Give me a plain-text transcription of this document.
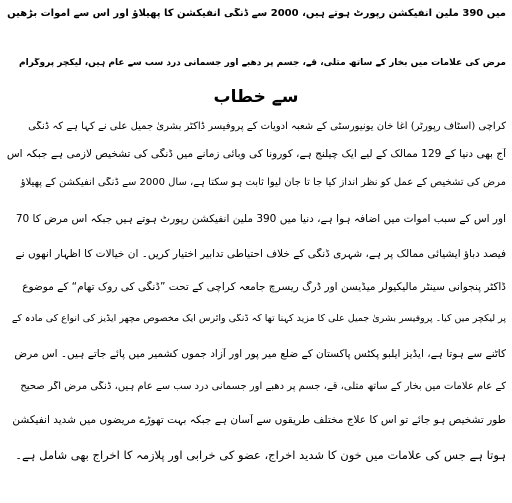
میں 390 ملین انفیکشن رپورٹ ہوتے ہیں، 2000 سے ڈنگی انفیکشن کا پھیلاؤ اور اس سے اموات بڑھیں
مرض کی علامات میں بخار کے ساتھ متلی، قے، جسم پر دھبے اور جسمانی درد سب سے عام ہیں، لیکچر پروگرام
سے خطاب
کراچی (اسٹاف رپورٹر) آغا خان یونیورسٹی کے شعبہ ادویات کے پروفیسر ڈاکٹر بشریٰ جمیل علی نے کہا ہے کہ ڈنگی
آج بھی دنیا کے 129 ممالک کے لیے ایک چیلنج ہے، کورونا کی وبائی زمانے میں ڈنگی کی تشخیص لازمی ہے جبکہ اس
مرض کی تشخیص کے عمل کو نظر انداز کیا جا تا جان لیوا ثابت ہو سکتا ہے، سال 2000 سے ڈنگی انفیکشن کے پھیلاؤ
اور اس کے سبب اموات میں اضافہ ہوا ہے، دنیا میں 390 ملین انفیکشن رپورٹ ہوتے ہیں جبکہ اس مرض کا 70
فیصد دباؤ ایشیائی ممالک پر ہے، شہری ڈنگی کے خلاف احتیاطی تدابیر اختیار کریں۔ ان خیالات کا اظہار انھوں نے
ڈاکٹر پنجوانی سینٹر مالیکیولر میڈیسن اور ڈرگ ریسرچ جامعہ کراچی کے تحت ”ڈنگی کی روک تھام“ کے موضوع
پر لیکچر میں کیا۔ پروفیسر بشریٰ جمیل علی کا مزید کہنا تھا کہ ڈنگی وائرس ایک مخصوص مچھر ایڈیز کی انواع کی مادہ کے
کاٹنے سے ہوتا ہے، ایڈیز ایلبو پکٹس پاکستان کے ضلع میر پور اور آزاد جموں کشمیر میں پائے جاتے ہیں۔ اس مرض
کے عام علامات میں بخار کے ساتھ متلی، قے، جسم پر دھبے اور جسمانی درد سب سے عام ہیں، ڈنگی مرض اگر صحیح
طور تشخیص ہو جائے تو اس کا علاج مختلف طریقوں سے آسان ہے جبکہ بہت تھوڑے مریضوں میں شدید انفیکشن
ہوتا ہے جس کی علامات میں خون کا شدید اخراج، عضو کی خرابی اور پلازمہ کا اخراج بھی شامل ہے۔
